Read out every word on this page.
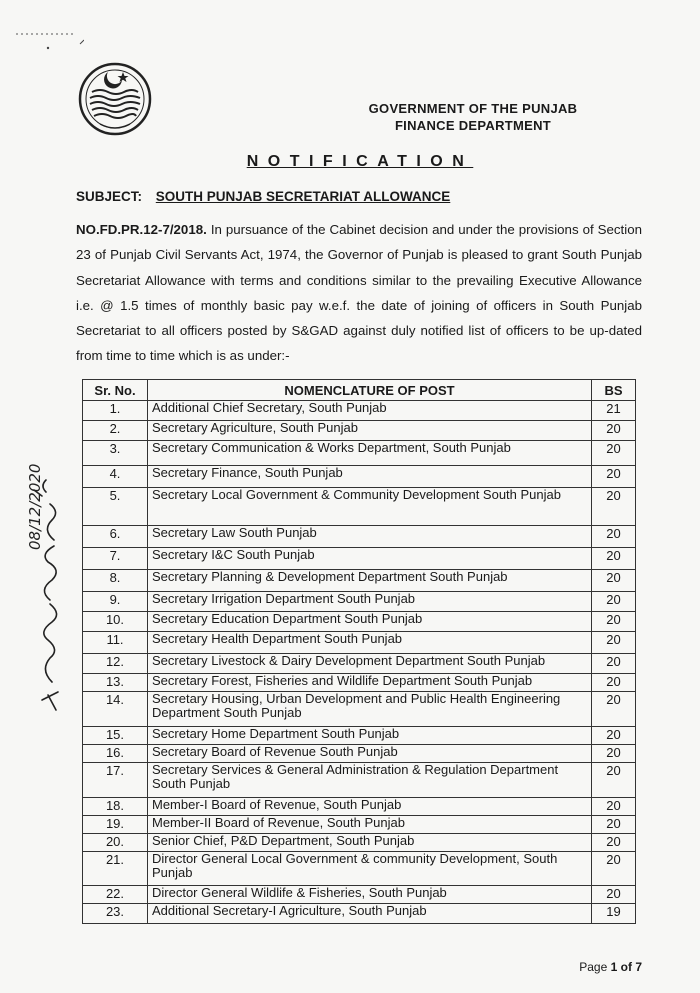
GOVERNMENT OF THE PUNJAB
FINANCE DEPARTMENT
NOTIFICATION
SUBJECT: SOUTH PUNJAB SECRETARIAT ALLOWANCE
NO.FD.PR.12-7/2018. In pursuance of the Cabinet decision and under the provisions of Section 23 of Punjab Civil Servants Act, 1974, the Governor of Punjab is pleased to grant South Punjab Secretariat Allowance with terms and conditions similar to the prevailing Executive Allowance i.e. @ 1.5 times of monthly basic pay w.e.f. the date of joining of officers in South Punjab Secretariat to all officers posted by S&GAD against duly notified list of officers to be up-dated from time to time which is as under:-
08/12/2020
Sr. No.	NOMENCLATURE OF POST	BS
1.	Additional Chief Secretary, South Punjab	21
2.	Secretary Agriculture, South Punjab	20
3.	Secretary Communication & Works Department, South Punjab	20
4.	Secretary Finance, South Punjab	20
5.	Secretary Local Government & Community Development South Punjab	20
6.	Secretary Law South Punjab	20
7.	Secretary I&C South Punjab	20
8.	Secretary Planning & Development Department South Punjab	20
9.	Secretary Irrigation Department South Punjab	20
10.	Secretary Education Department South Punjab	20
11.	Secretary Health Department South Punjab	20
12.	Secretary Livestock & Dairy Development Department South Punjab	20
13.	Secretary Forest, Fisheries and Wildlife Department South Punjab	20
14.	Secretary Housing, Urban Development and Public Health Engineering Department South Punjab	20
15.	Secretary Home Department South Punjab	20
16.	Secretary Board of Revenue South Punjab	20
17.	Secretary Services & General Administration & Regulation Department South Punjab	20
18.	Member-I Board of Revenue, South Punjab	20
19.	Member-II Board of Revenue, South Punjab	20
20.	Senior Chief, P&D Department, South Punjab	20
21.	Director General Local Government & community Development, South Punjab	20
22.	Director General Wildlife & Fisheries, South Punjab	20
23.	Additional Secretary-I Agriculture, South Punjab	19
Page 1 of 7
